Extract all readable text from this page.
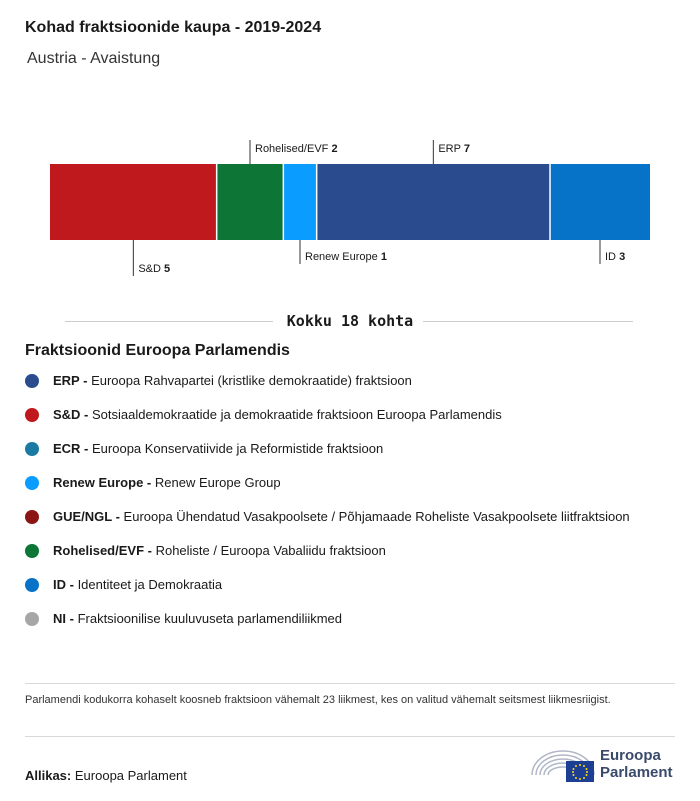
Kohad fraktsioonide kaupa - 2019-2024
Austria - Avaistung
S&D 5
Rohelised/EVF 2
Renew Europe 1
ERP 7
ID 3
Kokku 18 kohta
Fraktsioonid Euroopa Parlamendis
ERP - Euroopa Rahvapartei (kristlike demokraatide) fraktsioon
S&D - Sotsiaaldemokraatide ja demokraatide fraktsioon Euroopa Parlamendis
ECR - Euroopa Konservatiivide ja Reformistide fraktsioon
Renew Europe - Renew Europe Group
GUE/NGL - Euroopa Ühendatud Vasakpoolsete / Põhjamaade Roheliste Vasakpoolsete liitfraktsioon
Rohelised/EVF - Roheliste / Euroopa Vabaliidu fraktsioon
ID - Identiteet ja Demokraatia
NI - Fraktsioonilise kuuluvuseta parlamendiliikmed
Parlamendi kodukorra kohaselt koosneb fraktsioon vähemalt 23 liikmest, kes on valitud vähemalt seitsmest liikmesriigist.
Allikas: Euroopa Parlament
Euroopa
Parlament
